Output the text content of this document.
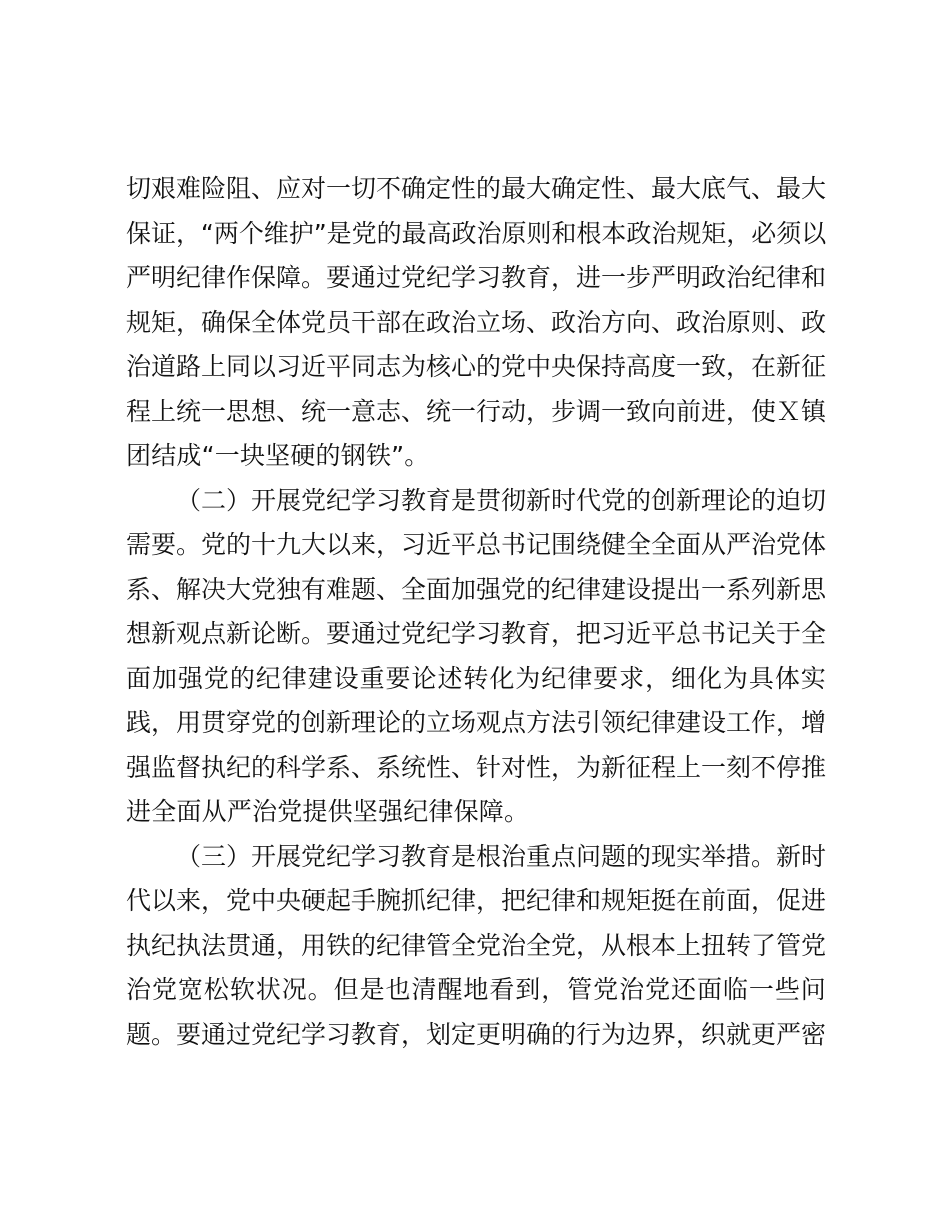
切艰难险阻、应对一切不确定性的最大确定性、最大底气、最大
保证，“两个维护”是党的最高政治原则和根本政治规矩，必须以
严明纪律作保障。要通过党纪学习教育，进一步严明政治纪律和
规矩，确保全体党员干部在政治立场、政治方向、政治原则、政
治道路上同以习近平同志为核心的党中央保持高度一致，在新征
程上统一思想、统一意志、统一行动，步调一致向前进，使Ｘ镇
团结成“一块坚硬的钢铁”。
（二）开展党纪学习教育是贯彻新时代党的创新理论的迫切
需要。党的十九大以来，习近平总书记围绕健全全面从严治党体
系、解决大党独有难题、全面加强党的纪律建设提出一系列新思
想新观点新论断。要通过党纪学习教育，把习近平总书记关于全
面加强党的纪律建设重要论述转化为纪律要求，细化为具体实
践，用贯穿党的创新理论的立场观点方法引领纪律建设工作，增
强监督执纪的科学系、系统性、针对性，为新征程上一刻不停推
进全面从严治党提供坚强纪律保障。
（三）开展党纪学习教育是根治重点问题的现实举措。新时
代以来，党中央硬起手腕抓纪律，把纪律和规矩挺在前面，促进
执纪执法贯通，用铁的纪律管全党治全党，从根本上扭转了管党
治党宽松软状况。但是也清醒地看到，管党治党还面临一些问
题。要通过党纪学习教育，划定更明确的行为边界，织就更严密
